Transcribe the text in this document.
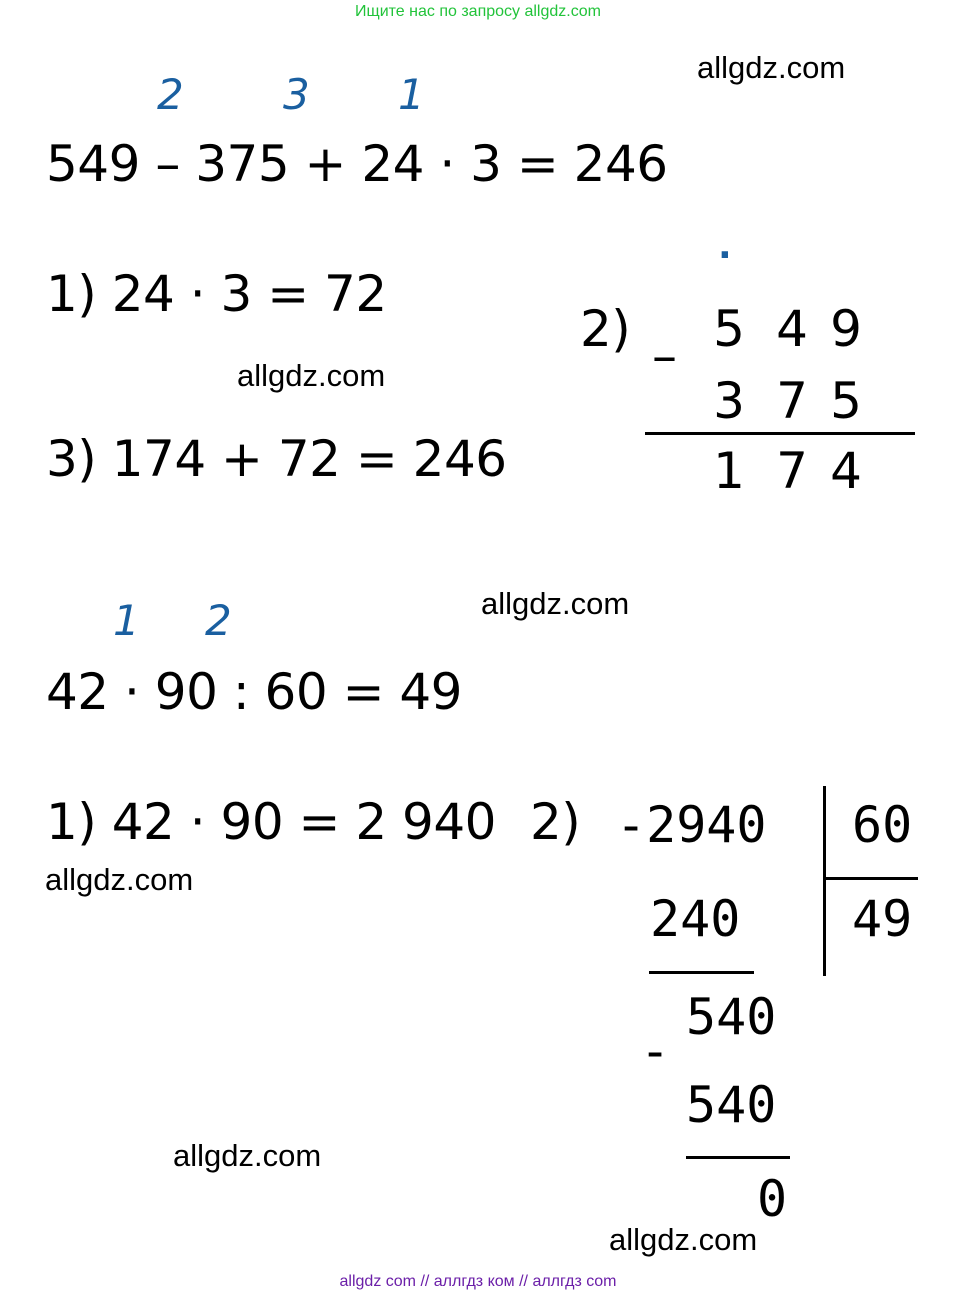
Ищите нас по запросу allgdz.com
allgdz.com
allgdz.com
allgdz.com
allgdz.com
allgdz.com
allgdz.com
2 3 1
549 – 375 + 24 · 3 = 246
1) 24 · 3 = 72
3) 174 + 72 = 246
·
2) – 5 4 9
3 7 5
1 7 4
1 2
42 · 90 : 60 = 49
1) 42 · 90 = 2 940 2) -2940 60
49
240
540
-
540
0
allgdz com // аллгдз ком // аллгдз com
